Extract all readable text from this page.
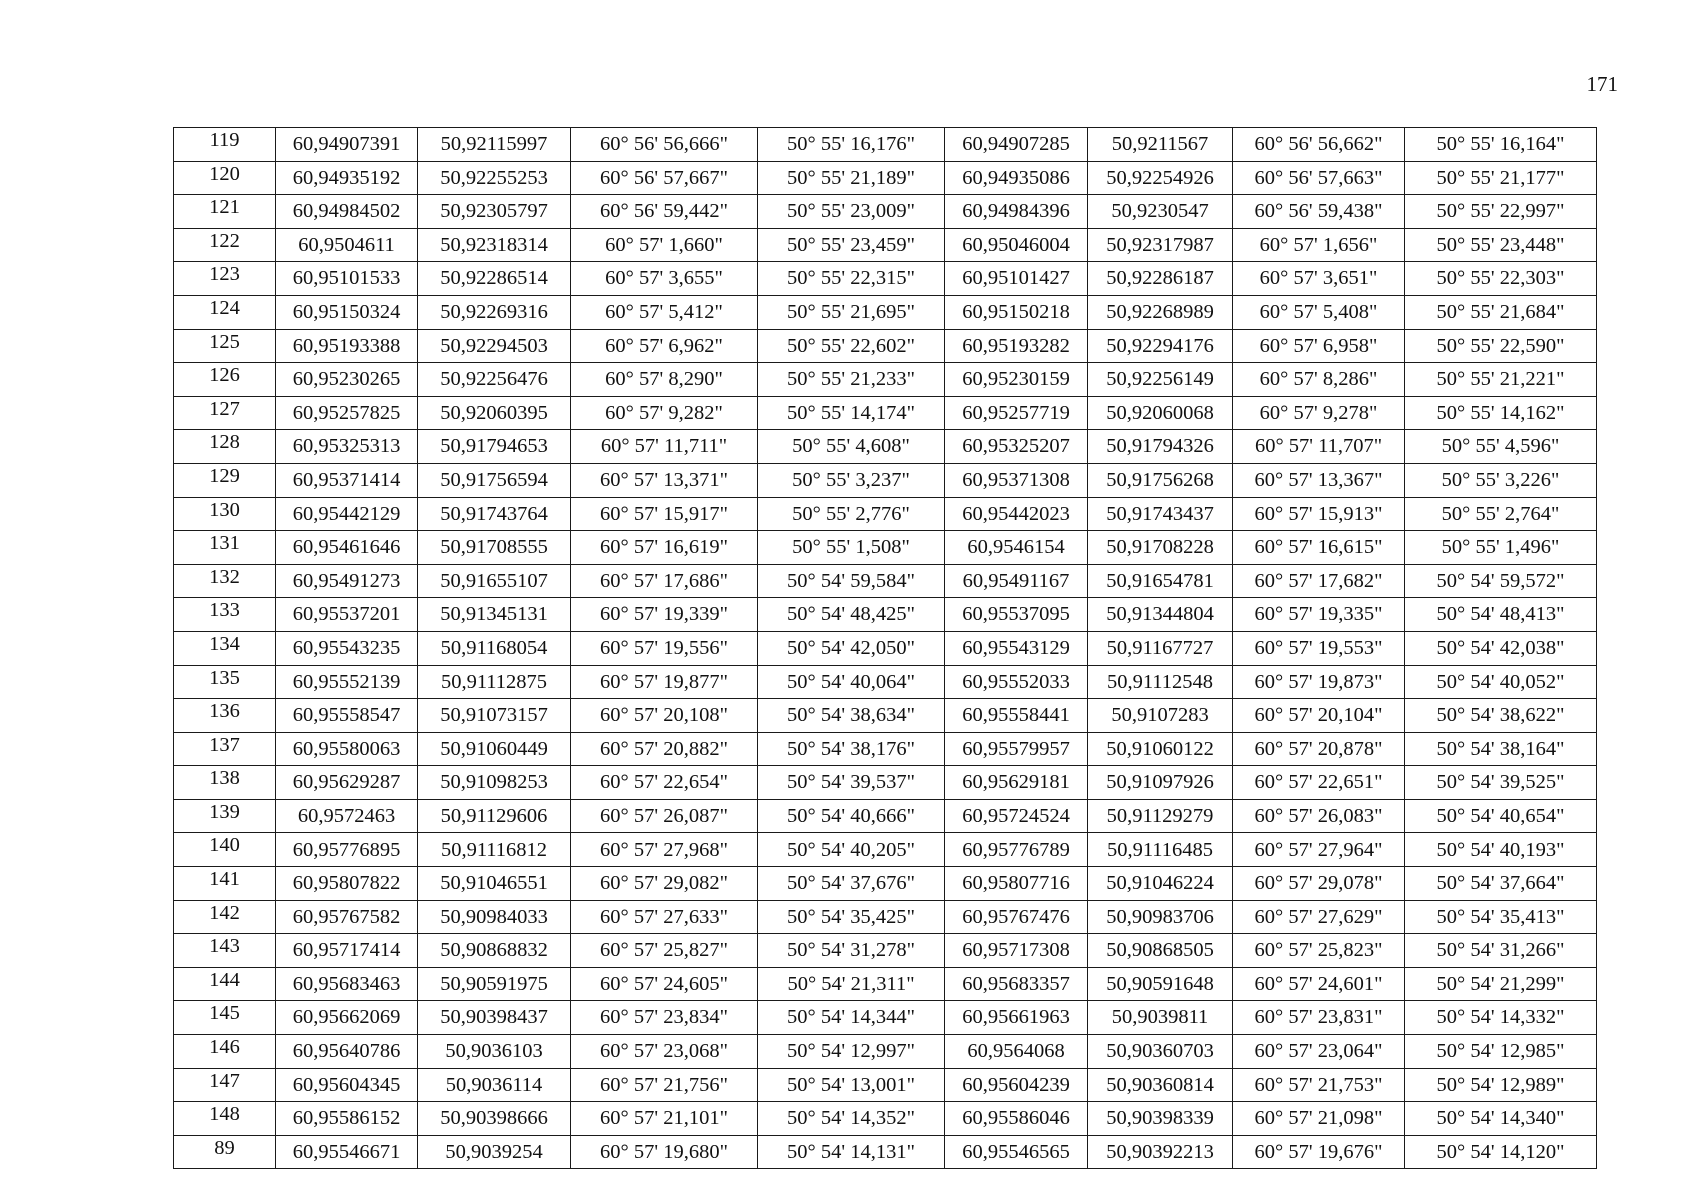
171
119	60,94907391	50,92115997	60° 56' 56,666"	50° 55' 16,176"	60,94907285	50,9211567	60° 56' 56,662"	50° 55' 16,164"
120	60,94935192	50,92255253	60° 56' 57,667"	50° 55' 21,189"	60,94935086	50,92254926	60° 56' 57,663"	50° 55' 21,177"
121	60,94984502	50,92305797	60° 56' 59,442"	50° 55' 23,009"	60,94984396	50,9230547	60° 56' 59,438"	50° 55' 22,997"
122	60,9504611	50,92318314	60° 57' 1,660"	50° 55' 23,459"	60,95046004	50,92317987	60° 57' 1,656"	50° 55' 23,448"
123	60,95101533	50,92286514	60° 57' 3,655"	50° 55' 22,315"	60,95101427	50,92286187	60° 57' 3,651"	50° 55' 22,303"
124	60,95150324	50,92269316	60° 57' 5,412"	50° 55' 21,695"	60,95150218	50,92268989	60° 57' 5,408"	50° 55' 21,684"
125	60,95193388	50,92294503	60° 57' 6,962"	50° 55' 22,602"	60,95193282	50,92294176	60° 57' 6,958"	50° 55' 22,590"
126	60,95230265	50,92256476	60° 57' 8,290"	50° 55' 21,233"	60,95230159	50,92256149	60° 57' 8,286"	50° 55' 21,221"
127	60,95257825	50,92060395	60° 57' 9,282"	50° 55' 14,174"	60,95257719	50,92060068	60° 57' 9,278"	50° 55' 14,162"
128	60,95325313	50,91794653	60° 57' 11,711"	50° 55' 4,608"	60,95325207	50,91794326	60° 57' 11,707"	50° 55' 4,596"
129	60,95371414	50,91756594	60° 57' 13,371"	50° 55' 3,237"	60,95371308	50,91756268	60° 57' 13,367"	50° 55' 3,226"
130	60,95442129	50,91743764	60° 57' 15,917"	50° 55' 2,776"	60,95442023	50,91743437	60° 57' 15,913"	50° 55' 2,764"
131	60,95461646	50,91708555	60° 57' 16,619"	50° 55' 1,508"	60,9546154	50,91708228	60° 57' 16,615"	50° 55' 1,496"
132	60,95491273	50,91655107	60° 57' 17,686"	50° 54' 59,584"	60,95491167	50,91654781	60° 57' 17,682"	50° 54' 59,572"
133	60,95537201	50,91345131	60° 57' 19,339"	50° 54' 48,425"	60,95537095	50,91344804	60° 57' 19,335"	50° 54' 48,413"
134	60,95543235	50,91168054	60° 57' 19,556"	50° 54' 42,050"	60,95543129	50,91167727	60° 57' 19,553"	50° 54' 42,038"
135	60,95552139	50,91112875	60° 57' 19,877"	50° 54' 40,064"	60,95552033	50,91112548	60° 57' 19,873"	50° 54' 40,052"
136	60,95558547	50,91073157	60° 57' 20,108"	50° 54' 38,634"	60,95558441	50,9107283	60° 57' 20,104"	50° 54' 38,622"
137	60,95580063	50,91060449	60° 57' 20,882"	50° 54' 38,176"	60,95579957	50,91060122	60° 57' 20,878"	50° 54' 38,164"
138	60,95629287	50,91098253	60° 57' 22,654"	50° 54' 39,537"	60,95629181	50,91097926	60° 57' 22,651"	50° 54' 39,525"
139	60,9572463	50,91129606	60° 57' 26,087"	50° 54' 40,666"	60,95724524	50,91129279	60° 57' 26,083"	50° 54' 40,654"
140	60,95776895	50,91116812	60° 57' 27,968"	50° 54' 40,205"	60,95776789	50,91116485	60° 57' 27,964"	50° 54' 40,193"
141	60,95807822	50,91046551	60° 57' 29,082"	50° 54' 37,676"	60,95807716	50,91046224	60° 57' 29,078"	50° 54' 37,664"
142	60,95767582	50,90984033	60° 57' 27,633"	50° 54' 35,425"	60,95767476	50,90983706	60° 57' 27,629"	50° 54' 35,413"
143	60,95717414	50,90868832	60° 57' 25,827"	50° 54' 31,278"	60,95717308	50,90868505	60° 57' 25,823"	50° 54' 31,266"
144	60,95683463	50,90591975	60° 57' 24,605"	50° 54' 21,311"	60,95683357	50,90591648	60° 57' 24,601"	50° 54' 21,299"
145	60,95662069	50,90398437	60° 57' 23,834"	50° 54' 14,344"	60,95661963	50,9039811	60° 57' 23,831"	50° 54' 14,332"
146	60,95640786	50,9036103	60° 57' 23,068"	50° 54' 12,997"	60,9564068	50,90360703	60° 57' 23,064"	50° 54' 12,985"
147	60,95604345	50,9036114	60° 57' 21,756"	50° 54' 13,001"	60,95604239	50,90360814	60° 57' 21,753"	50° 54' 12,989"
148	60,95586152	50,90398666	60° 57' 21,101"	50° 54' 14,352"	60,95586046	50,90398339	60° 57' 21,098"	50° 54' 14,340"
89	60,95546671	50,9039254	60° 57' 19,680"	50° 54' 14,131"	60,95546565	50,90392213	60° 57' 19,676"	50° 54' 14,120"
